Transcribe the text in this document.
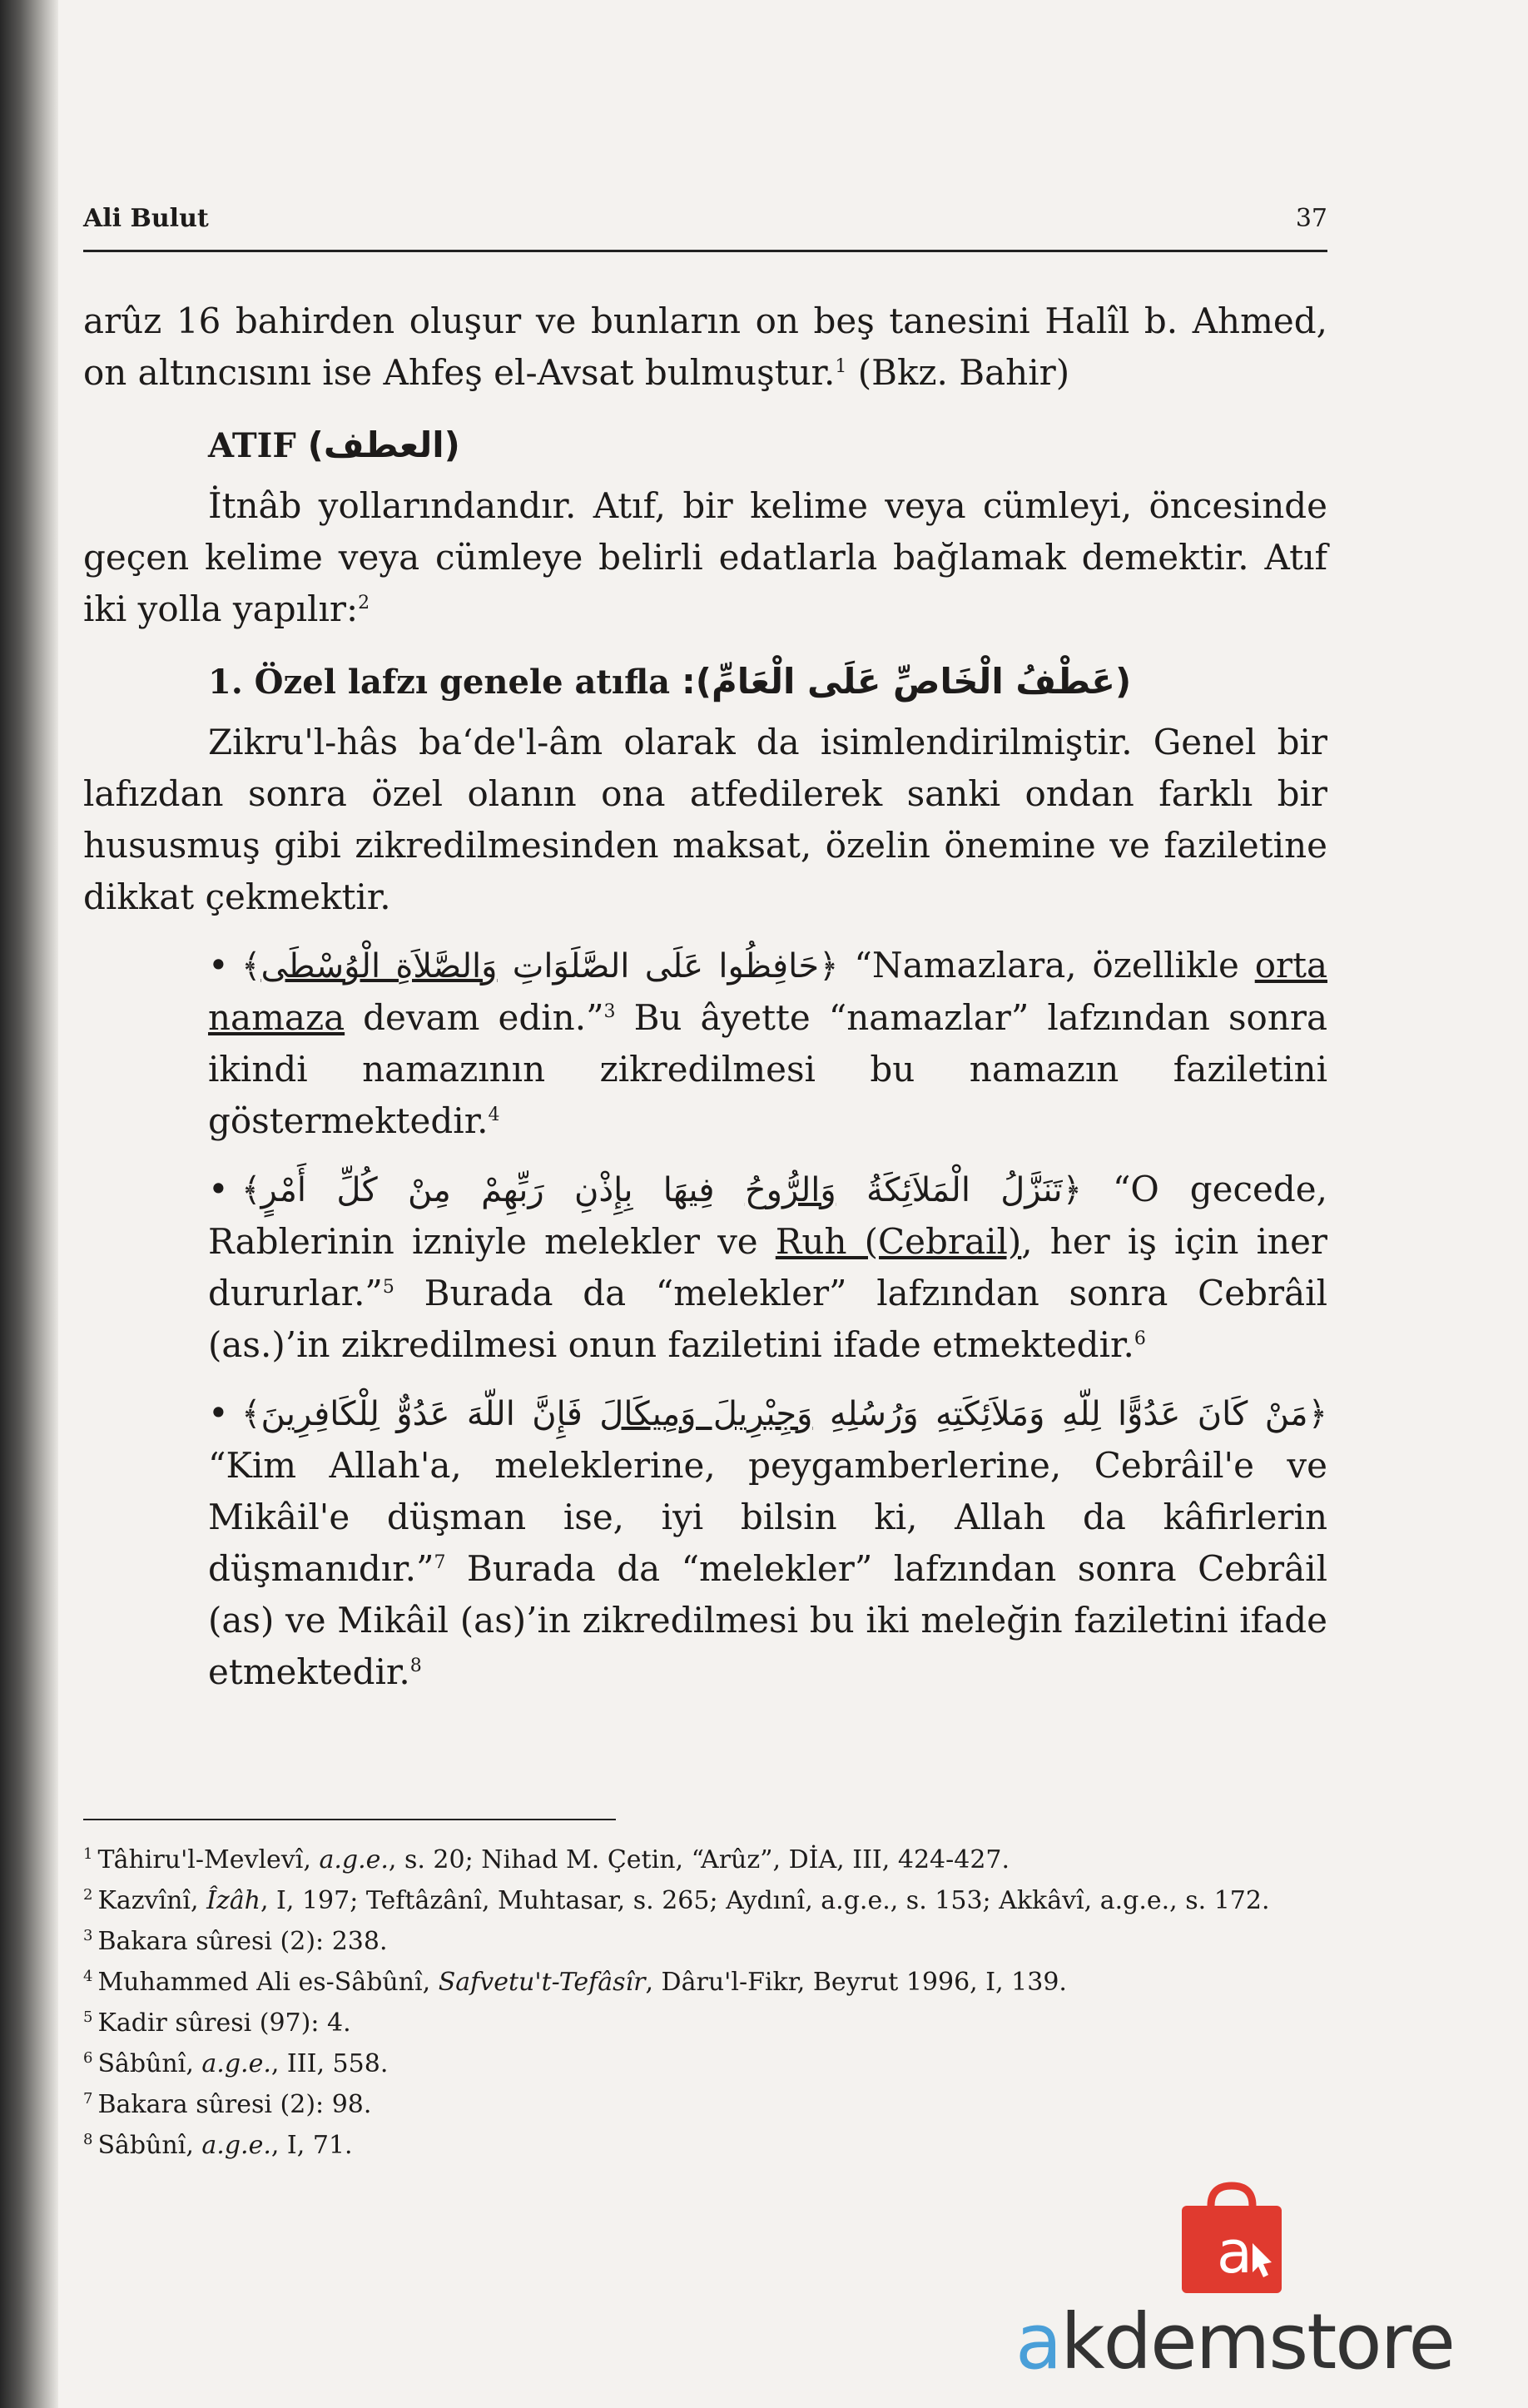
Ali Bulut	37

arûz 16 bahirden oluşur ve bunların on beş tanesini Halîl b. Ahmed, on altıncısını ise Ahfeş el-Avsat bulmuştur.$^1$ (Bkz. Bahir)

ATIF (العطف)

İtnâb yollarındandır. Atıf, bir kelime veya cümleyi, öncesinde geçen kelime veya cümleye belirli edatlarla bağlamak demektir. Atıf iki yolla yapılır:$^2$

1. Özel lafzı genele atıfla (عَطْفُ الْخَاصِّ عَلَى الْعَامِّ):

Zikru'l-hâs ba‘de'l-âm olarak da isimlendirilmiştir. Genel bir lafızdan sonra özel olanın ona atfedilerek sanki ondan farklı bir hususmuş gibi zikredilmesinden maksat, özelin önemine ve faziletine dikkat çekmektir.

•	﴿حَافِظُوا عَلَى الصَّلَوَاتِ وَالصَّلاَةِ الْوُسْطَى﴾	“Namazlara, özellikle orta namaza devam edin.”$^3$ Bu âyette “namazlar” lafzından sonra ikindi namazının zikredilmesi bu namazın faziletini göstermektedir.$^4$

•	﴿تَنَزَّلُ الْمَلاَئِكَةُ وَالرُّوحُ فِيهَا بِإِذْنِ رَبِّهِمْ مِنْ كُلِّ أَمْرٍ﴾	“O gecede, Rablerinin izniyle melekler ve Ruh (Cebrail), her iş için iner dururlar.”$^5$ Burada da “melekler” lafzından sonra Cebrâil (as.)’in zikredilmesi onun faziletini ifade etmektedir.$^6$

•	﴿مَنْ كَانَ عَدُوًّا لِلّهِ وَمَلاَئِكَتِهِ وَرُسُلِهِ وَجِبْرِيلَ وَمِيكَالَ فَإِنَّ اللّهَ عَدُوٌّ لِلْكَافِرِينَ﴾ “Kim Allah'a, meleklerine, peygamberlerine, Cebrâil'e ve Mikâil'e düşman ise, iyi bilsin ki, Allah da kâfirlerin düşmanıdır.”$^7$ Burada da “melekler” lafzından sonra Cebrâil (as) ve Mikâil (as)’in zikredilmesi bu iki meleğin faziletini ifade etmektedir.$^8$

$^1$ Tâhiru'l-Mevlevî, a.g.e., s. 20; Nihad M. Çetin, “Arûz”, DİA, III, 424-427.
$^2$ Kazvînî, Îzâh, I, 197; Teftâzânî, Muhtasar, s. 265; Aydınî, a.g.e., s. 153; Akkâvî, a.g.e., s. 172.
$^3$ Bakara sûresi (2): 238.
$^4$ Muhammed Ali es-Sâbûnî, Safvetu't-Tefâsîr, Dâru'l-Fikr, Beyrut 1996, I, 139.
$^5$ Kadir sûresi (97): 4.
$^6$ Sâbûnî, a.g.e., III, 558.
$^7$ Bakara sûresi (2): 98.
$^8$ Sâbûnî, a.g.e., I, 71.
a
akdemstore
